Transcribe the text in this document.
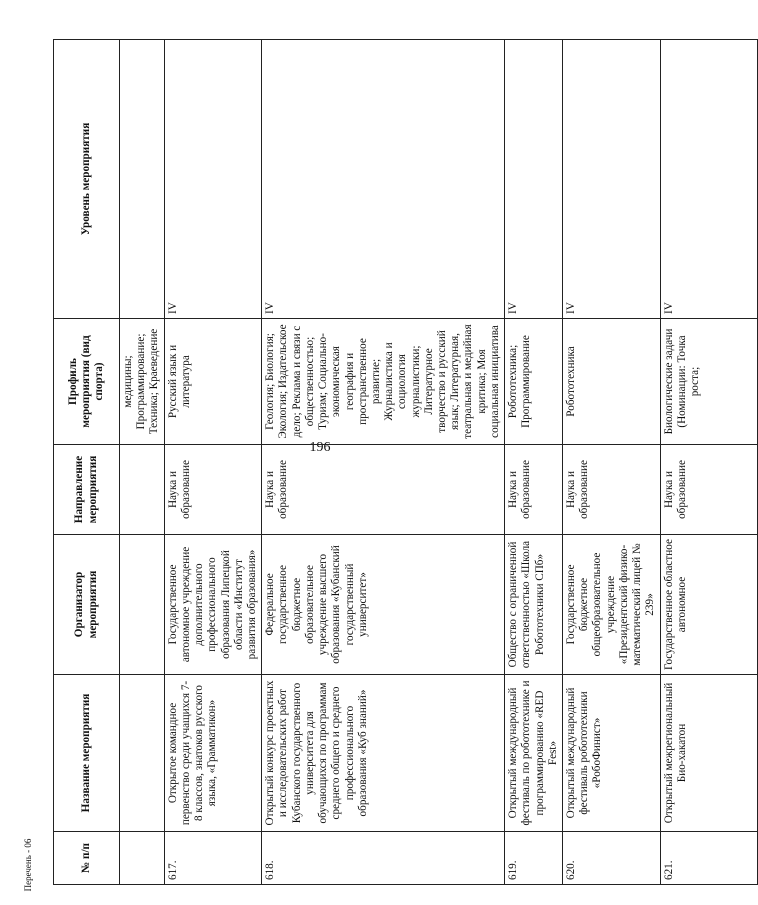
196
№ п/п	Название мероприятия	Организатор мероприятия	Направление мероприятия	Профиль мероприятия (вид спорта)	Уровень мероприятия
				медицины; Программирование; Техника; Краеведение	
617.	Открытое командное первенство среди учащихся 7-8 классов, знатоков русского языка, «Грамматикон»	Государственное автономное учреждение дополнительного профессионального образования Липецкой области «Институт развития образования»	Наука и образование	Русский язык и литература	IV
618.	Открытый конкурс проектных и исследовательских работ Кубанского государственного университета для обучающихся по программам среднего общего и среднего профессионального образования «Куб знаний»	Федеральное государственное бюджетное образовательное учреждение высшего образования «Кубанский государственный университет»	Наука и образование	Геология; Биология; Экология; Издательское дело; Реклама и связи с общественностью; Туризм; Социально-экономическая география и пространственное развитие; Журналистика и социология журналистики; Литературное творчество и русский язык; Литературная, театральная и медийная критика; Моя социальная инициатива	IV
619.	Открытый международный фестиваль по робототехнике и программированию «RED Fest»	Общество с ограниченной ответственностью «Школа Робототехники СПб»	Наука и образование	Робототехника; Программирование	IV
620.	Открытый международный фестиваль робототехники «РобоФинист»	Государственное бюджетное общеобразовательное учреждение «Президентский физико-математический лицей № 239»	Наука и образование	Робототехника	IV
621.	Открытый межрегиональный Био-хакатон	Государственное областное автономное	Наука и образование	Биологические задачи (Номинации: Точка роста;	IV
Перечень - 06
